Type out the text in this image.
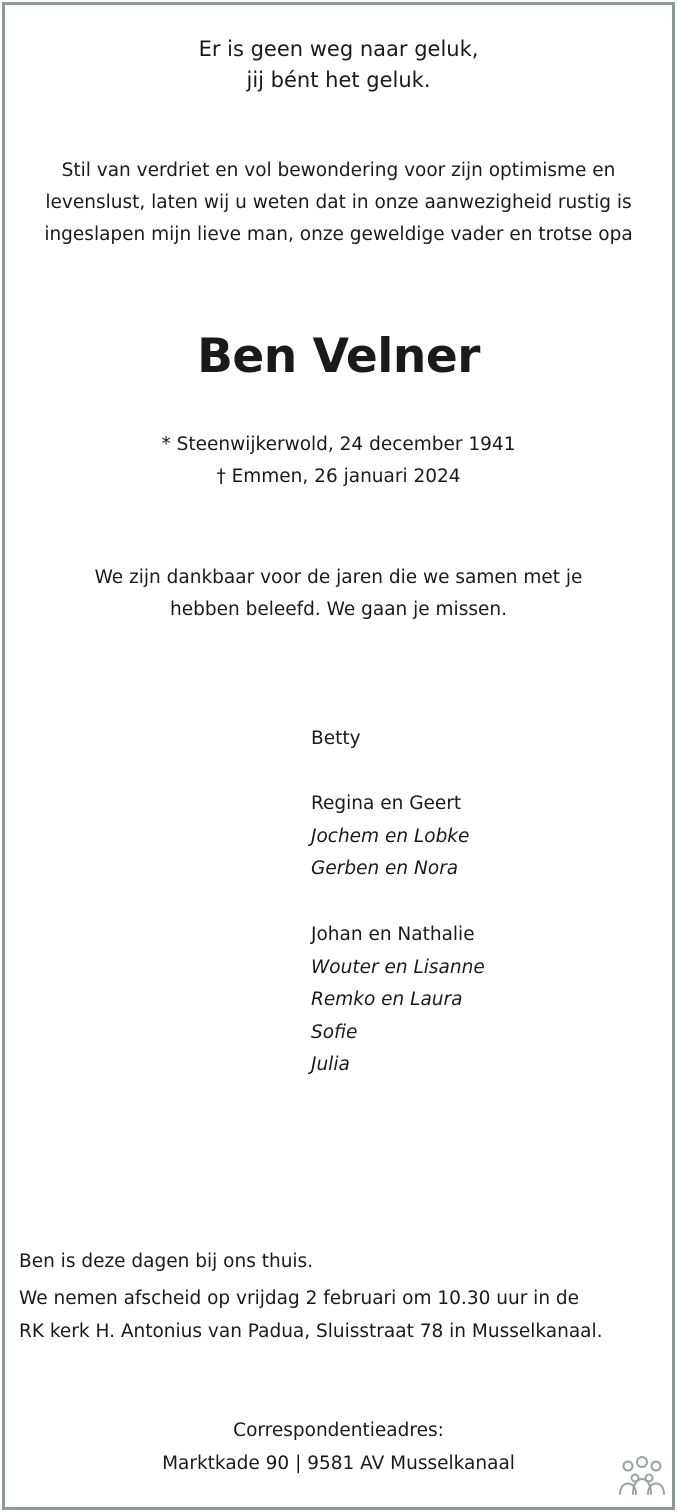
Er is geen weg naar geluk,
jij bént het geluk.
Stil van verdriet en vol bewondering voor zijn optimisme en
levenslust, laten wij u weten dat in onze aanwezigheid rustig is
ingeslapen mijn lieve man, onze geweldige vader en trotse opa
Ben Velner
* Steenwijkerwold, 24 december 1941
† Emmen, 26 januari 2024
We zijn dankbaar voor de jaren die we samen met je
hebben beleefd. We gaan je missen.
Betty
Regina en Geert
Jochem en Lobke
Gerben en Nora
Johan en Nathalie
Wouter en Lisanne
Remko en Laura
Sofie
Julia
Ben is deze dagen bij ons thuis.
We nemen afscheid op vrijdag 2 februari om 10.30 uur in de
RK kerk H. Antonius van Padua, Sluisstraat 78 in Musselkanaal.
Correspondentieadres:
Marktkade 90 | 9581 AV Musselkanaal
